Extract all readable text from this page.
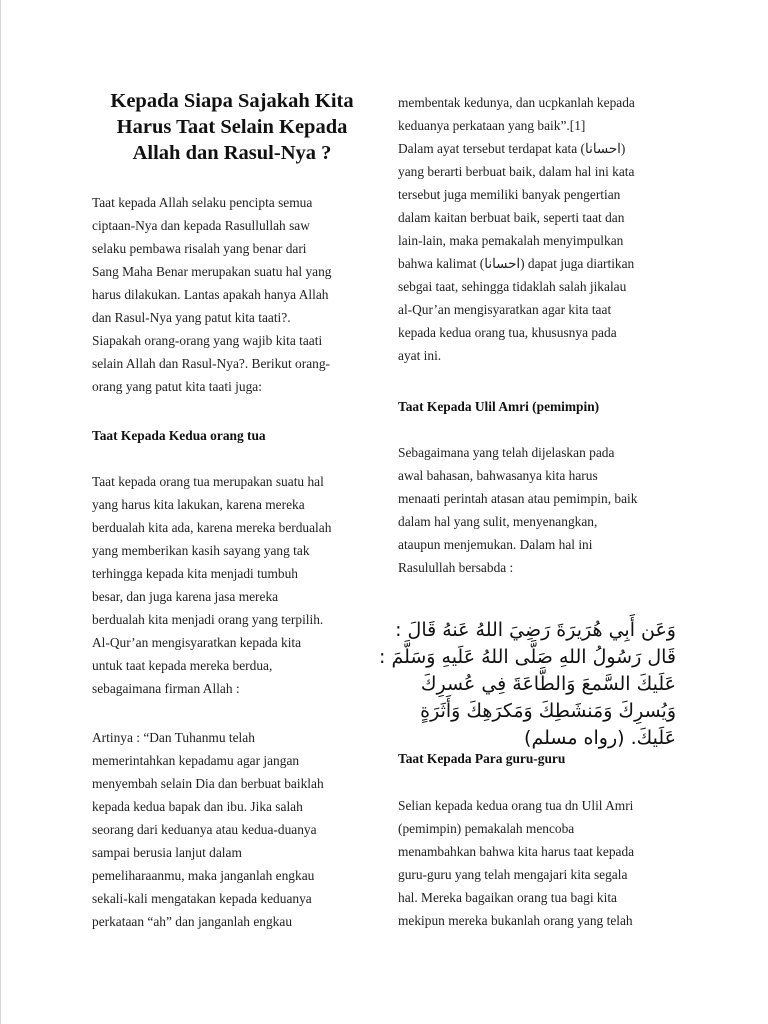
Kepada Siapa Sajakah Kita
Harus Taat Selain Kepada
Allah dan Rasul-Nya ?
Taat kepada Allah selaku pencipta semua
ciptaan-Nya dan kepada Rasullullah saw
selaku pembawa risalah yang benar dari
Sang Maha Benar merupakan suatu hal yang
harus dilakukan. Lantas apakah hanya Allah
dan Rasul-Nya yang patut kita taati?.
Siapakah orang-orang yang wajib kita taati
selain Allah dan Rasul-Nya?. Berikut orang-
orang yang patut kita taati juga:
Taat Kepada Kedua orang tua
Taat kepada orang tua merupakan suatu hal
yang harus kita lakukan, karena mereka
berdualah kita ada, karena mereka berdualah
yang memberikan kasih sayang yang tak
terhingga kepada kita menjadi tumbuh
besar, dan juga karena jasa mereka
berdualah kita menjadi orang yang terpilih.
Al-Qur’an mengisyaratkan kepada kita
untuk taat kepada mereka berdua,
sebagaimana firman Allah :
Artinya : “Dan Tuhanmu telah
memerintahkan kepadamu agar jangan
menyembah selain Dia dan berbuat baiklah
kepada kedua bapak dan ibu. Jika salah
seorang dari keduanya atau kedua-duanya
sampai berusia lanjut dalam
pemeliharaanmu, maka janganlah engkau
sekali-kali mengatakan kepada keduanya
perkataan “ah” dan janganlah engkau
membentak kedunya, dan ucpkanlah kepada
keduanya perkataan yang baik”.[1]
Dalam ayat tersebut terdapat kata (احسانا)
yang berarti berbuat baik, dalam hal ini kata
tersebut juga memiliki banyak pengertian
dalam kaitan berbuat baik, seperti taat dan
lain-lain, maka pemakalah menyimpulkan
bahwa kalimat (احسانا) dapat juga diartikan
sebgai taat, sehingga tidaklah salah jikalau
al-Qur’an mengisyaratkan agar kita taat
kepada kedua orang tua, khususnya pada
ayat ini.
Taat Kepada Ulil Amri (pemimpin)
Sebagaimana yang telah dijelaskan pada
awal bahasan, bahwasanya kita harus
menaati perintah atasan atau pemimpin, baik
dalam hal yang sulit, menyenangkan,
ataupun menjemukan. Dalam hal ini
Rasulullah bersabda :
وَعَن أَبِي هُرَيرَةَ رَضِيَ اللهُ عَنهُ قَالَ :
قَال رَسُولُ اللهِ صَلَّى اللهُ عَلَيهِ وَسَلَّمَ :
عَلَيكَ السَّمعَ وَالطَّاعَةَ فِي عُسرِكَ
وَيُسرِكَ وَمَنشَطِكَ وَمَكرَهِكَ وَأَثَرَةٍ
عَلَيكَ. (رواه مسلم)
Taat Kepada Para guru-guru
Selian kepada kedua orang tua dn Ulil Amri
(pemimpin) pemakalah mencoba
menambahkan bahwa kita harus taat kepada
guru-guru yang telah mengajari kita segala
hal. Mereka bagaikan orang tua bagi kita
mekipun mereka bukanlah orang yang telah
